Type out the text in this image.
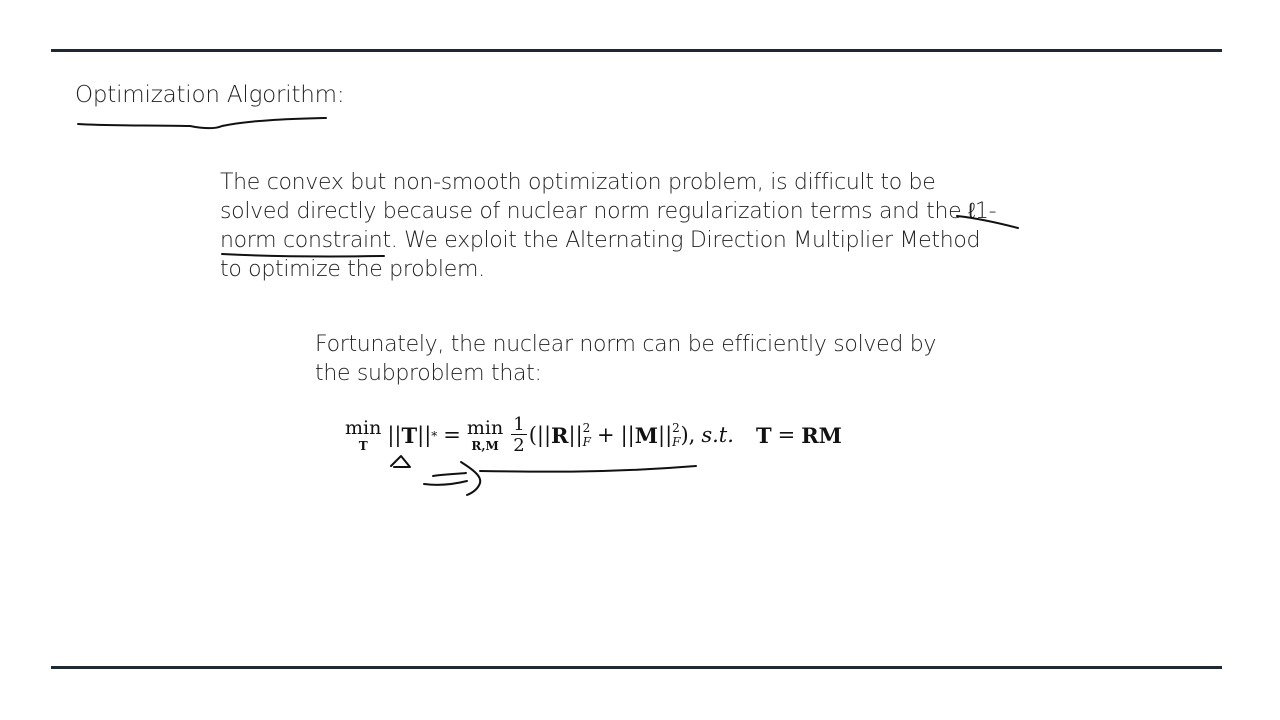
Optimization Algorithm:

The convex but non-smooth optimization problem, is difficult to be
solved directly because of nuclear norm regularization terms and the ℓ1-
norm constraint. We exploit the Alternating Direction Multiplier Method
to optimize the problem.

Fortunately, the nuclear norm can be efficiently solved by
the subproblem that:

min
T || T || * = min
$R,M \frac{1}{2}$ (|| R || 2
F + || M || 2
F ), s.t. T = RM
